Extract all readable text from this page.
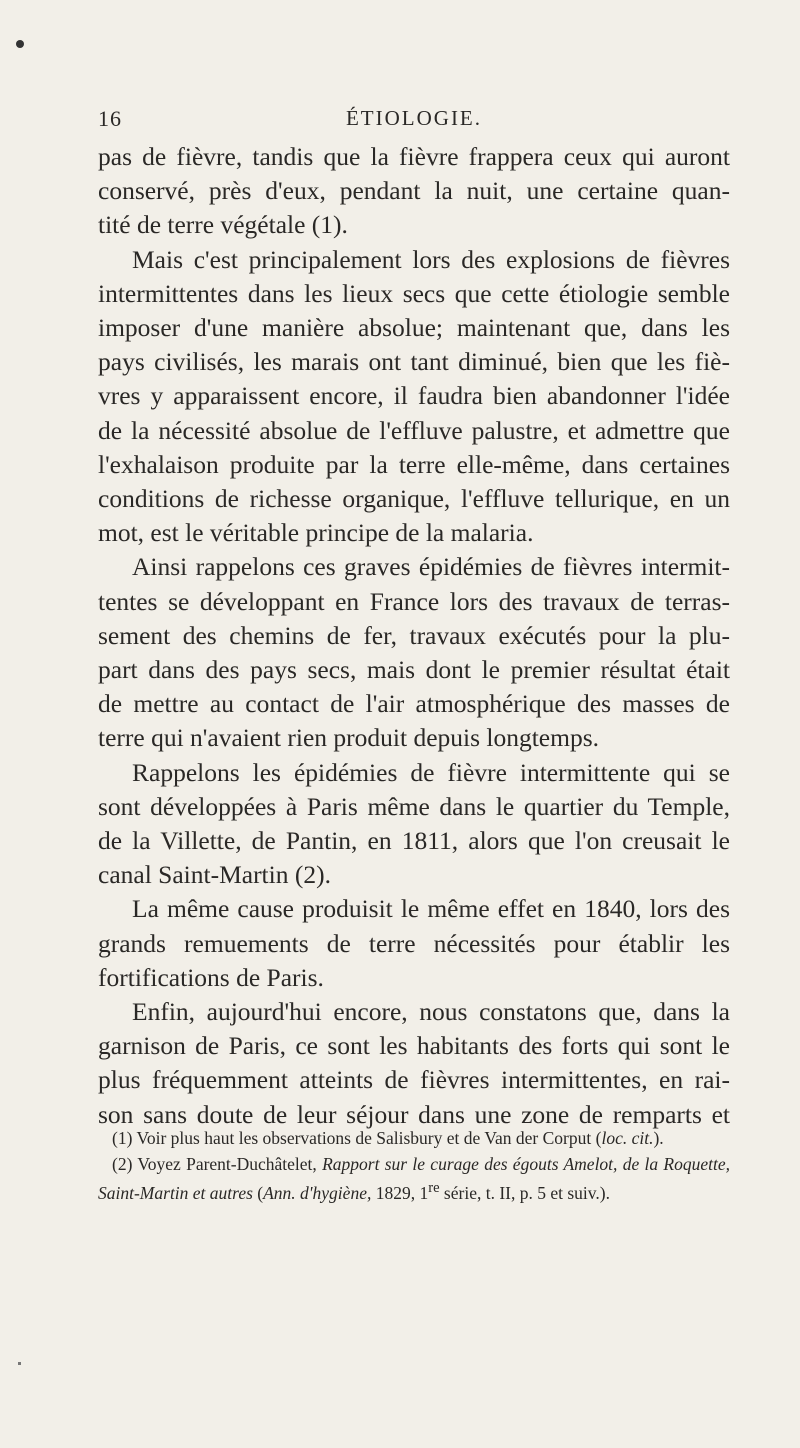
16	ÉTIOLOGIE.

pas de fièvre, tandis que la fièvre frappera ceux qui auront

conservé, près d'eux, pendant la nuit, une certaine quan-

tité de terre végétale (1).

Mais c'est principalement lors des explosions de fièvres

intermittentes dans les lieux secs que cette étiologie semble

imposer d'une manière absolue; maintenant que, dans les

pays civilisés, les marais ont tant diminué, bien que les fiè-

vres y apparaissent encore, il faudra bien abandonner l'idée

de la nécessité absolue de l'effluve palustre, et admettre que

l'exhalaison produite par la terre elle-même, dans certaines

conditions de richesse organique, l'effluve tellurique, en un

mot, est le véritable principe de la malaria.

Ainsi rappelons ces graves épidémies de fièvres intermit-

tentes se développant en France lors des travaux de terras-

sement des chemins de fer, travaux exécutés pour la plu-

part dans des pays secs, mais dont le premier résultat était

de mettre au contact de l'air atmosphérique des masses de

terre qui n'avaient rien produit depuis longtemps.

Rappelons les épidémies de fièvre intermittente qui se

sont développées à Paris même dans le quartier du Temple,

de la Villette, de Pantin, en 1811, alors que l'on creusait le

canal Saint-Martin (2).

La même cause produisit le même effet en 1840, lors des

grands remuements de terre nécessités pour établir les

fortifications de Paris.

Enfin, aujourd'hui encore, nous constatons que, dans la

garnison de Paris, ce sont les habitants des forts qui sont le

plus fréquemment atteints de fièvres intermittentes, en rai-

son sans doute de leur séjour dans une zone de remparts et

(1) Voir plus haut les observations de Salisbury et de Van der Corput (loc. cit.).

(2) Voyez Parent-Duchâtelet, Rapport sur le curage des égouts Amelot, de la Roquette, Saint-Martin et autres (Ann. d'hygiène, 1829, 1re série, t. II, p. 5 et suiv.).
